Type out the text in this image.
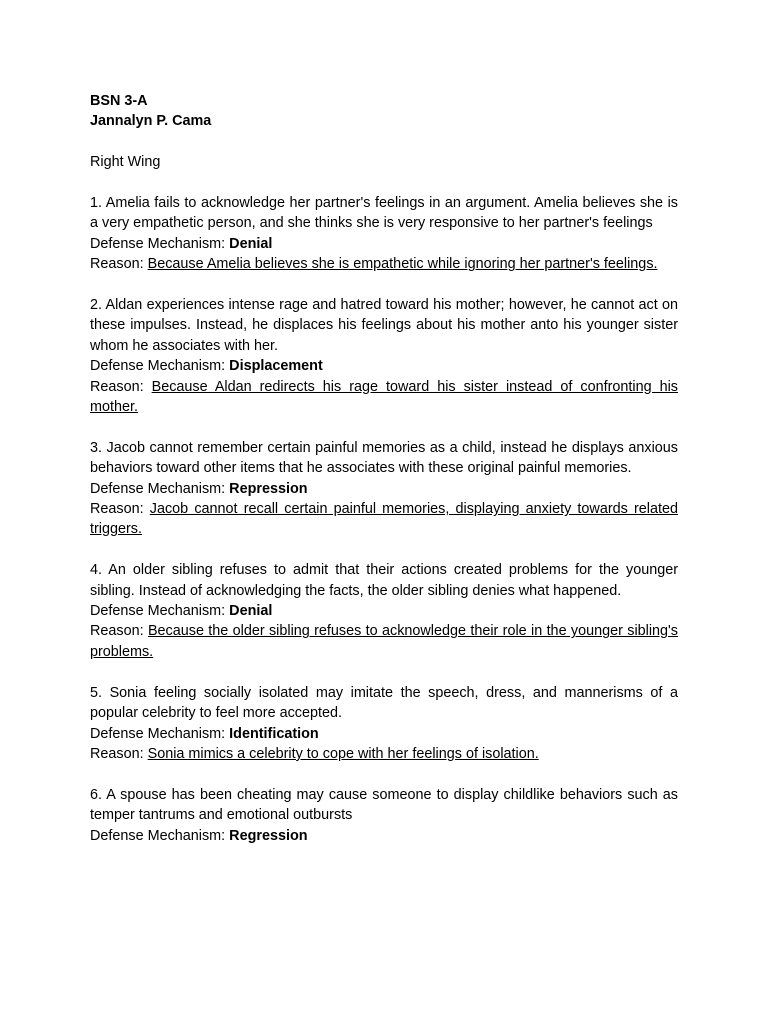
BSN 3-A
Jannalyn P. Cama
Right Wing
1. Amelia fails to acknowledge her partner's feelings in an argument. Amelia believes she is a very empathetic person, and she thinks she is very responsive to her partner's feelings
Defense Mechanism: Denial
Reason: Because Amelia believes she is empathetic while ignoring her partner's feelings.
2. Aldan experiences intense rage and hatred toward his mother; however, he cannot act on these impulses. Instead, he displaces his feelings about his mother anto his younger sister whom he associates with her.
Defense Mechanism: Displacement
Reason: Because Aldan redirects his rage toward his sister instead of confronting his mother.
3. Jacob cannot remember certain painful memories as a child, instead he displays anxious behaviors toward other items that he associates with these original painful memories.
Defense Mechanism: Repression
Reason: Jacob cannot recall certain painful memories, displaying anxiety towards related triggers.
4. An older sibling refuses to admit that their actions created problems for the younger sibling. Instead of acknowledging the facts, the older sibling denies what happened.
Defense Mechanism: Denial
Reason: Because the older sibling refuses to acknowledge their role in the younger sibling's problems.
5. Sonia feeling socially isolated may imitate the speech, dress, and mannerisms of a popular celebrity to feel more accepted.
Defense Mechanism: Identification
Reason: Sonia mimics a celebrity to cope with her feelings of isolation.
6. A spouse has been cheating may cause someone to display childlike behaviors such as temper tantrums and emotional outbursts
Defense Mechanism: Regression
